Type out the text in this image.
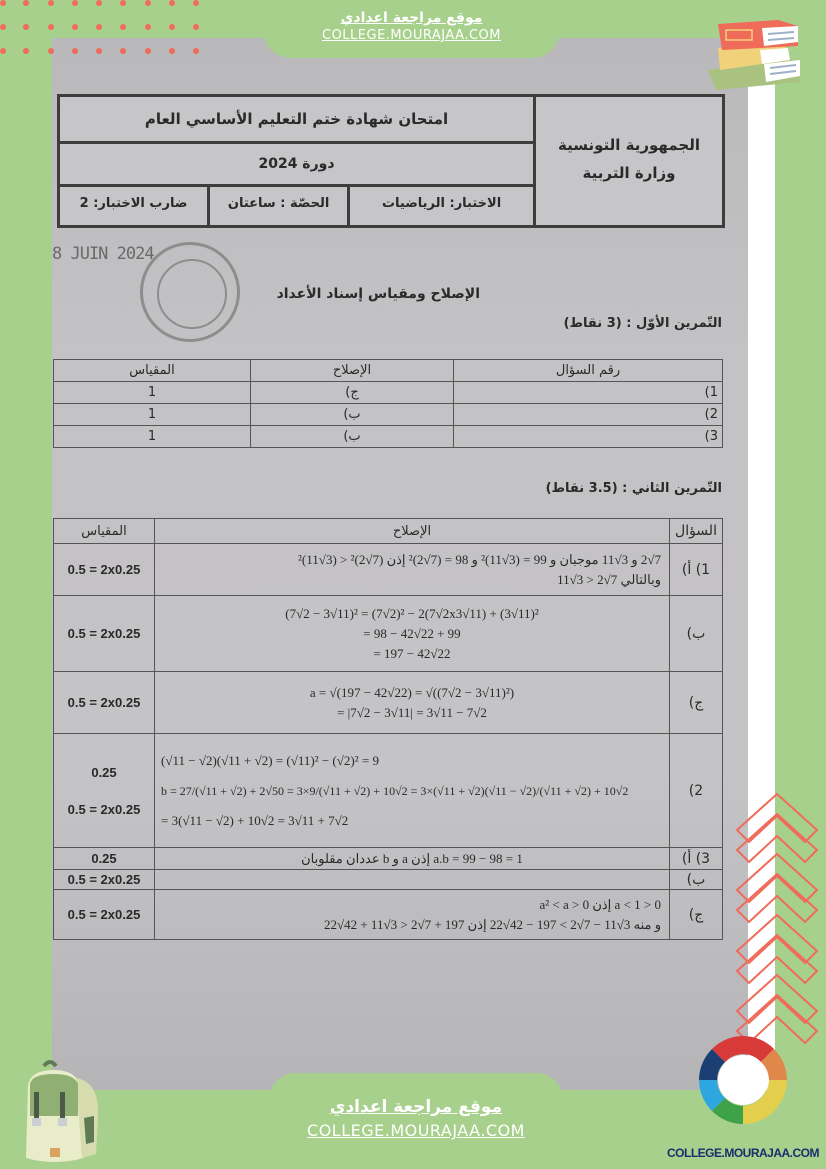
موقع مراجعة اعدادي
COLLEGE.MOURAJAA.COM
الجمهورية التونسية
وزارة التربية
امتحان شهادة ختم التعليم الأساسي العام
دورة 2024
الاختبار: الرياضيات
الحصّة : ساعتان
ضارب الاختبار: 2
8 JUIN 2024
الإصلاح ومقياس إسناد الأعداد
التّمرين الأوّل : (3 نقاط)
رقم السؤال	الإصلاح	المقياس
1)	ج)	1
2)	ب)	1
3)	ب)	1
التّمرين الثاني : (3.5 نقاط)
السؤال	الإصلاح	المقياس
1) أ)	7√2 و 3√11 موجبان و 99 = (3√11)² و 98 = (7√2)² إذن (7√2)² < (3√11)²
وبالتالي 7√2 < 3√11	0.5 = 2x0.25
ب)	(7√2 − 3√11)² = (7√2)² − 2(7√2x3√11) + (3√11)²
= 98 − 42√22 + 99
= 197 − 42√22	0.5 = 2x0.25
ج)	a = √(197 − 42√22) = √((7√2 − 3√11)²)
= |7√2 − 3√11| = 3√11 − 7√2	0.5 = 2x0.25
2)	(√11 − √2)(√11 + √2) = (√11)² − (√2)² = 9
b = 27/(√11 + √2) + 2√50 = 3×9/(√11 + √2) + 10√2 = 3×(√11 + √2)(√11 − √2)/(√11 + √2) + 10√2
= 3(√11 − √2) + 10√2 = 3√11 + 7√2	0.25
0.5 = 2x0.25

3) أ)	a.b = 99 − 98 = 1 إذن a و b عددان مقلوبان	0.25
ب)		0.5 = 2x0.25
ج)	0 < a < 1 إذن 0 < a² < a
و منه 3√11 − 7√2 > 197 − 42√22 إذن 197 + 7√2 < 3√11 + 42√22	0.5 = 2x0.25
موقع مراجعة اعدادي
COLLEGE.MOURAJAA.COM
COLLEGE.MOURAJAA.COM
